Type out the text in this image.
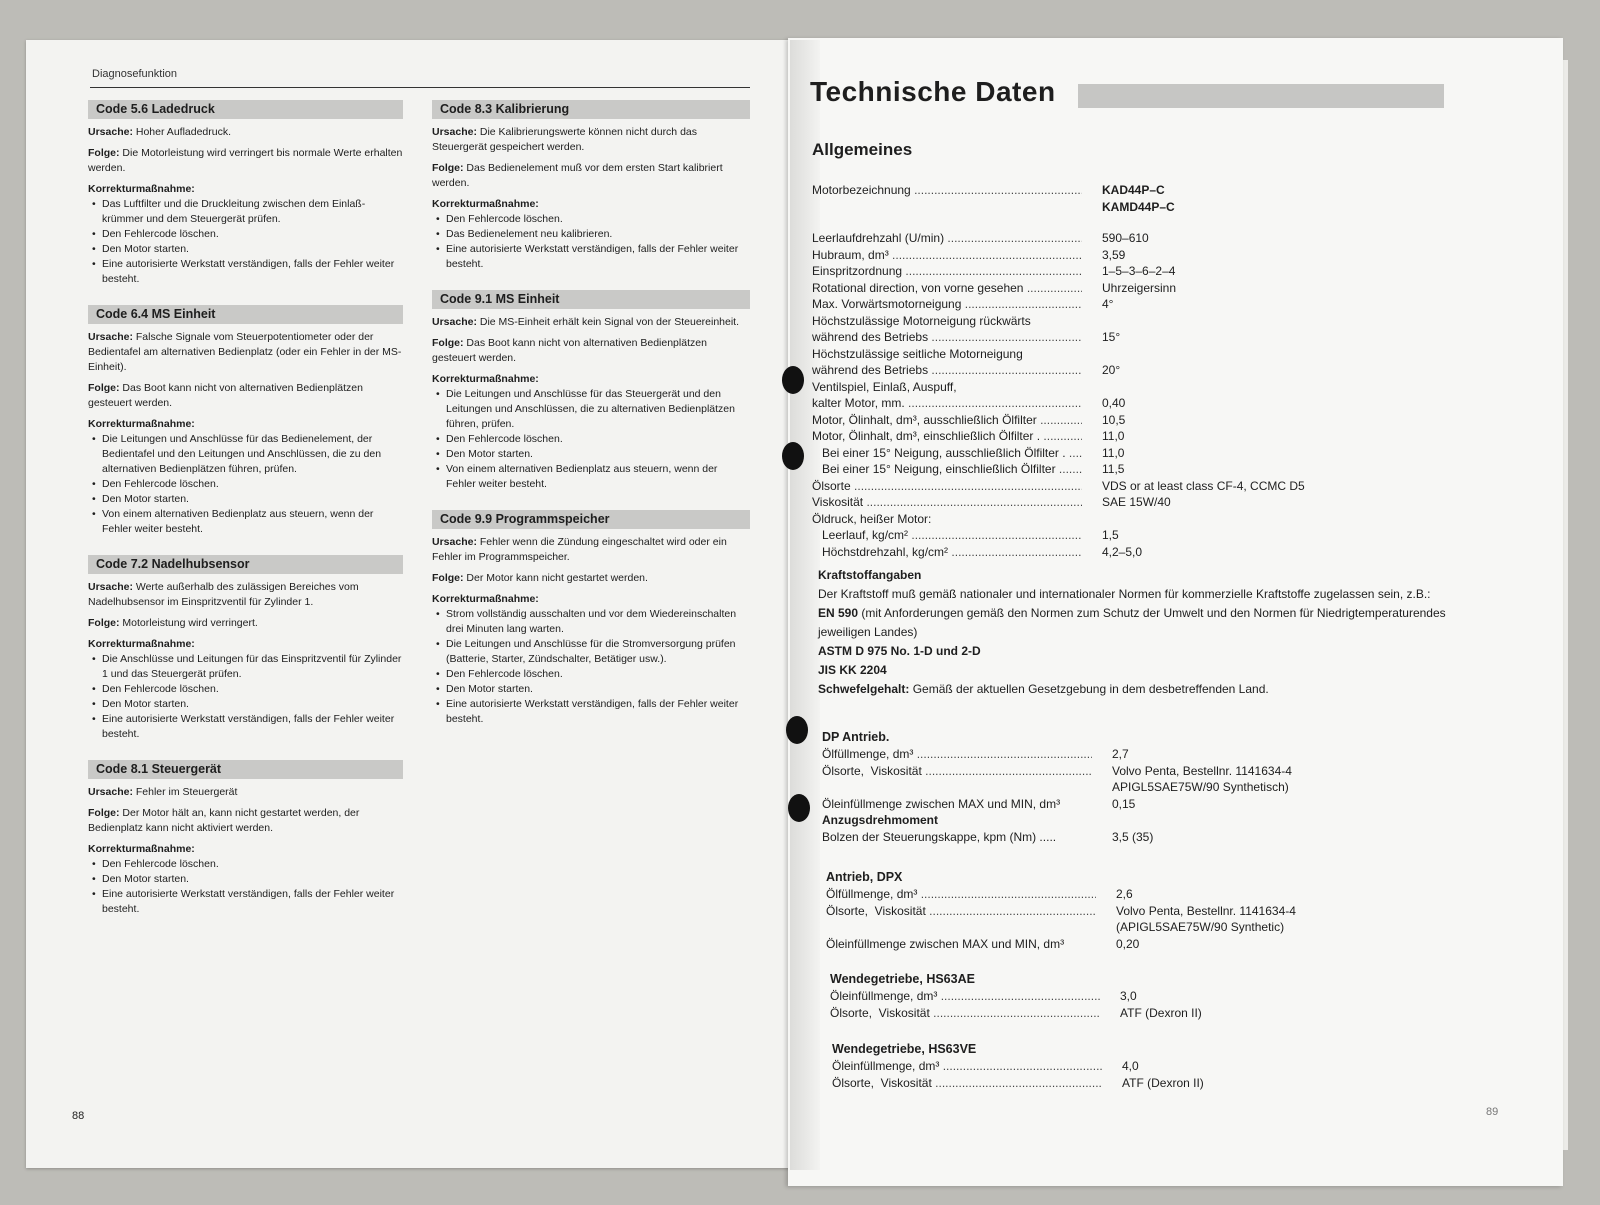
Diagnosefunktion
Code 5.6 Ladedruck
Ursache: Hoher Aufladedruck.
Folge: Die Motorleistung wird verringert bis normale Werte erhalten werden.
Korrekturmaßnahme:
• Das Luftfilter und die Druckleitung zwischen dem Einlaß-krümmer und dem Steuergerät prüfen.
• Den Fehlercode löschen.
• Den Motor starten.
• Eine autorisierte Werkstatt verständigen, falls der Fehler weiter besteht.
Code 6.4 MS Einheit
Ursache: Falsche Signale vom Steuerpotentiometer oder der Bedientafel am alternativen Bedienplatz (oder ein Fehler in der MS-Einheit).
Folge: Das Boot kann nicht von alternativen Bedienplätzen gesteuert werden.
Korrekturmaßnahme:
• Die Leitungen und Anschlüsse für das Bedienelement, der Bedientafel und den Leitungen und Anschlüssen, die zu den alternativen Bedienplätzen führen, prüfen.
• Den Fehlercode löschen.
• Den Motor starten.
• Von einem alternativen Bedienplatz aus steuern, wenn der Fehler weiter besteht.
Code 7.2 Nadelhubsensor
Ursache: Werte außerhalb des zulässigen Bereiches vom Nadelhubsensor im Einspritzventil für Zylinder 1.
Folge: Motorleistung wird verringert.
Korrekturmaßnahme:
• Die Anschlüsse und Leitungen für das Einspritzventil für Zylinder 1 und das Steuergerät prüfen.
• Den Fehlercode löschen.
• Den Motor starten.
• Eine autorisierte Werkstatt verständigen, falls der Fehler weiter besteht.
Code 8.1 Steuergerät
Ursache: Fehler im Steuergerät
Folge: Der Motor hält an, kann nicht gestartet werden, der Bedienplatz kann nicht aktiviert werden.
Korrekturmaßnahme:
• Den Fehlercode löschen.
• Den Motor starten.
• Eine autorisierte Werkstatt verständigen, falls der Fehler weiter besteht.
Code 8.3 Kalibrierung
Ursache: Die Kalibrierungswerte können nicht durch das Steuergerät gespeichert werden.
Folge: Das Bedienelement muß vor dem ersten Start kalibriert werden.
Korrekturmaßnahme:
• Den Fehlercode löschen.
• Das Bedienelement neu kalibrieren.
• Eine autorisierte Werkstatt verständigen, falls der Fehler weiter besteht.
Code 9.1 MS Einheit
Ursache: Die MS-Einheit erhält kein Signal von der Steuereinheit.
Folge: Das Boot kann nicht von alternativen Bedienplätzen gesteuert werden.
Korrekturmaßnahme:
• Die Leitungen und Anschlüsse für das Steuergerät und den Leitungen und Anschlüssen, die zu alternativen Bedienplätzen führen, prüfen.
• Den Fehlercode löschen.
• Den Motor starten.
• Von einem alternativen Bedienplatz aus steuern, wenn der Fehler weiter besteht.
Code 9.9 Programmspeicher
Ursache: Fehler wenn die Zündung eingeschaltet wird oder ein Fehler im Programmspeicher.
Folge: Der Motor kann nicht gestartet werden.
Korrekturmaßnahme:
• Strom vollständig ausschalten und vor dem Wiedereinschalten drei Minuten lang warten.
• Die Leitungen und Anschlüsse für die Stromversorgung prüfen (Batterie, Starter, Zündschalter, Betätiger usw.).
• Den Fehlercode löschen.
• Den Motor starten.
• Eine autorisierte Werkstatt verständigen, falls der Fehler weiter besteht.
88
Technische Daten
Allgemeines
Motorbezeichnung .....	KAD44P–C
KAMD44P–C
Leerlaufdrehzahl (U/min) .....	590–610
Hubraum, dm³ .....	3,59
Einspritzordnung .....	1–5–3–6–2–4
Rotational direction, von vorne gesehen .....	Uhrzeigersinn
Max. Vorwärtsmotorneigung .....	4°
Höchstzulässige Motorneigung rückwärts
während des Betriebs .....	15°
Höchstzulässige seitliche Motorneigung
während des Betriebs .....	20°
Ventilspiel, Einlaß, Auspuff,
kalter Motor, mm. .....	0,40
Motor, Ölinhalt, dm³, ausschließlich Ölfilter .....	10,5
Motor, Ölinhalt, dm³, einschließlich Ölfilter . .....	11,0
Bei einer 15° Neigung, ausschließlich Ölfilter . .....	11,0
Bei einer 15° Neigung, einschließlich Ölfilter .....	11,5
Ölsorte .....	VDS or at least class CF-4, CCMC D5
Viskosität .....	SAE 15W/40
Öldruck, heißer Motor:
Leerlauf, kg/cm² .....	1,5
Höchstdrehzahl, kg/cm² .....	4,2–5,0
Kraftstoffangaben
Der Kraftstoff muß gemäß nationaler und internationaler Normen für kommerzielle Kraftstoffe zugelassen sein, z.B.:
EN 590 (mit Anforderungen gemäß den Normen zum Schutz der Umwelt und den Normen für Niedrigtemperaturendes jeweiligen Landes)
ASTM D 975 No. 1-D und 2-D
JIS KK 2204
Schwefelgehalt: Gemäß der aktuellen Gesetzgebung in dem desbetreffenden Land.
DP Antrieb.
Ölfüllmenge, dm³ .....	2,7
Ölsorte,  Viskosität .....	Volvo Penta, Bestellnr. 1141634-4
APIGL5SAE75W/90 Synthetisch)
Öleinfüllmenge zwischen MAX und MIN, dm³	0,15
Anzugsdrehmoment
Bolzen der Steuerungskappe, kpm (Nm) .....	3,5 (35)
Antrieb, DPX
Ölfüllmenge, dm³ .....	2,6
Ölsorte,  Viskosität .....	Volvo Penta, Bestellnr. 1141634-4
(APIGL5SAE75W/90 Synthetic)
Öleinfüllmenge zwischen MAX und MIN, dm³	0,20
Wendegetriebe, HS63AE
Öleinfüllmenge, dm³ .....	3,0
Ölsorte,  Viskosität .....	ATF (Dexron II)
Wendegetriebe, HS63VE
Öleinfüllmenge, dm³ .....	4,0
Ölsorte,  Viskosität .....	ATF (Dexron II)
89
